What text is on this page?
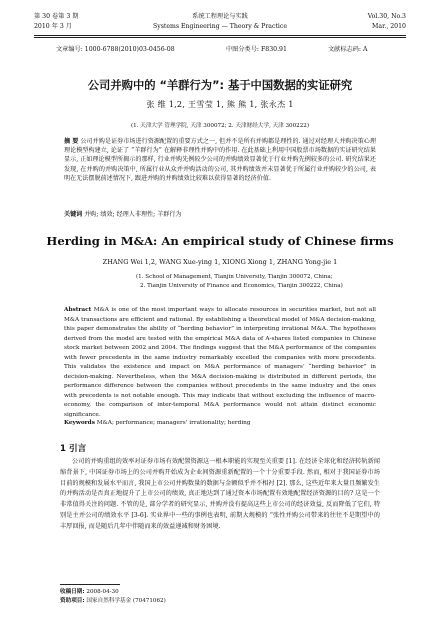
第 30 卷第 3 期	系统工程理论与实践	Vol.30, No.3
2010 年 3 月	Systems Engineering — Theory & Practice	Mar., 2010
文章编号: 1000-6788(2010)03-0456-08	中图分类号: F830.91	文献标志码: A
公司并购中的 “羊群行为”: 基于中国数据的实证研究
张 维 1,2, 王雪莹 1, 熊 熊 1, 张永杰 1
(1. 天津大学 管理学院, 天津 300072; 2. 天津财经大学, 天津 300222)
摘 要 公司并购是证券市场进行资源配置的重要方式之一, 但并不是所有并购都是理性的. 通过对经理人并购决策心理理论模型构建立, 论证了 “羊群行为” 在解释非理性并购中的作用. 在此基础上利用中国股票市场数据的实证研究结果显示, 正如理论模型所揭示的那样, 行业并购先例较少公司的并购绩效显著优于行业并购先例较多的公司. 研究结果还发现, 在并购的并购决策中, 所属行业从众并并购活动的公司, 其并购绩效并未显著优于所属行业并购较少的公司, 表明在无法摆脱前述情况下, 跟进并购的并购绩效比较难以获得显著的经济价值.
关键词 并购; 绩效; 经理人非理性; 羊群行为
Herding in M&A: An empirical study of Chinese firms
ZHANG Wei 1,2, WANG Xue-ying 1, XIONG Xiong 1, ZHANG Yong-jie 1
(1. School of Management, Tianjin University, Tianjin 300072, China;
2. Tianjin University of Finance and Economics, Tianjin 300222, China)
Abstract M&A is one of the most important ways to allocate resources in securities market, but not all M&A transactions are efficient and rational. By establishing a theoretical model of M&A decision-making, this paper demonstrates the ability of “herding behavior” in interpreting irrational M&A. The hypotheses derived from the model are tested with the empirical M&A data of A-shares listed companies in Chinese stock market between 2002 and 2004. The findings suggest that the M&A performance of the companies with fewer precedents in the same industry remarkably excelled the companies with more precedents. This validates the existence and impact on M&A performance of managers’ “herding behavior” in decision-making. Nevertheless, when the M&A decision-making is distributed in different periods, the performance difference between the companies without precedents in the same industry and the ones with precedents is not notable enough. This may indicate that without excluding the influence of macro-economy, the comparison of inter-temporal M&A performance would not attain distinct economic significance.
Keywords M&A; performance; managers’ irrationality; herding
1 引言
公司的并购重组的效率对证券市场有效配置资源这一根本职能的实现至关重要 [1]. 在经济全球化和经济转轨新闻缩背景下, 中国证券市场上的公司并购开始成为企业间资源重新配置的一个十分重要手段. 然而, 相对于我国证券市场目前的规模和发展水平而言, 我国上市公司并购数量的数据与金额似乎并不相衬 [2]. 那么, 这些近年来大量且频繁发生的并购活动是否真正地提升了上市公司的绩效, 真正地达到了通过资本市场配置有效地配置经济资源的目的? 这是一个非常值得关注的问题. 不管的是, 部分学者的研究显示, 并购并没有提高这些上市公司的经济效益, 反而降低了它们, 特别是主并公司的绩效水平 [3-6]. 实业界中一些的事例也表明, 前期大规模的 “张性并购公司带来的往往不是期望中的丰厚回报, 而是随后几年中伴随而来的效益递减和财务困境.
收稿日期: 2008-04-30
资助项目: 国家自然科学基金 (70471062)
